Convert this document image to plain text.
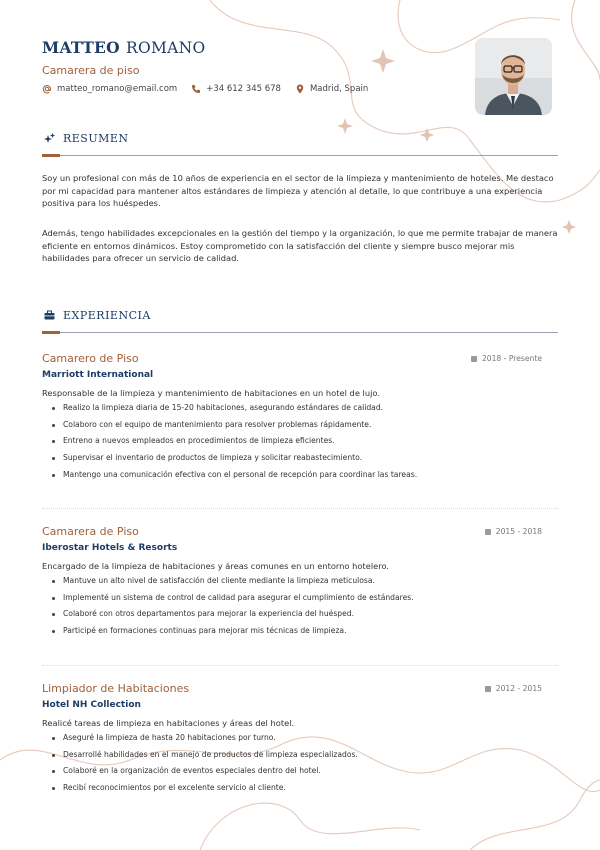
MATTEO ROMANO
Camarera de piso
matteo_romano@email.com	+34 612 345 678	Madrid, Spain
RESUMEN
Soy un profesional con más de 10 años de experiencia en el sector de la limpieza y mantenimiento de hoteles. Me destaco por mi capacidad para mantener altos estándares de limpieza y atención al detalle, lo que contribuye a una experiencia positiva para los huéspedes.
Además, tengo habilidades excepcionales en la gestión del tiempo y la organización, lo que me permite trabajar de manera eficiente en entornos dinámicos. Estoy comprometido con la satisfacción del cliente y siempre busco mejorar mis habilidades para ofrecer un servicio de calidad.
EXPERIENCIA
Camarero de Piso	2018 - Presente
Marriott International
Responsable de la limpieza y mantenimiento de habitaciones en un hotel de lujo.
Realizo la limpieza diaria de 15-20 habitaciones, asegurando estándares de calidad.
Colaboro con el equipo de mantenimiento para resolver problemas rápidamente.
Entreno a nuevos empleados en procedimientos de limpieza eficientes.
Supervisar el inventario de productos de limpieza y solicitar reabastecimiento.
Mantengo una comunicación efectiva con el personal de recepción para coordinar las tareas.
Camarera de Piso	2015 - 2018
Iberostar Hotels & Resorts
Encargado de la limpieza de habitaciones y áreas comunes en un entorno hotelero.
Mantuve un alto nivel de satisfacción del cliente mediante la limpieza meticulosa.
Implementé un sistema de control de calidad para asegurar el cumplimiento de estándares.
Colaboré con otros departamentos para mejorar la experiencia del huésped.
Participé en formaciones continuas para mejorar mis técnicas de limpieza.
Limpiador de Habitaciones	2012 - 2015
Hotel NH Collection
Realicé tareas de limpieza en habitaciones y áreas del hotel.
Aseguré la limpieza de hasta 20 habitaciones por turno.
Desarrollé habilidades en el manejo de productos de limpieza especializados.
Colaboré en la organización de eventos especiales dentro del hotel.
Recibí reconocimientos por el excelente servicio al cliente.
